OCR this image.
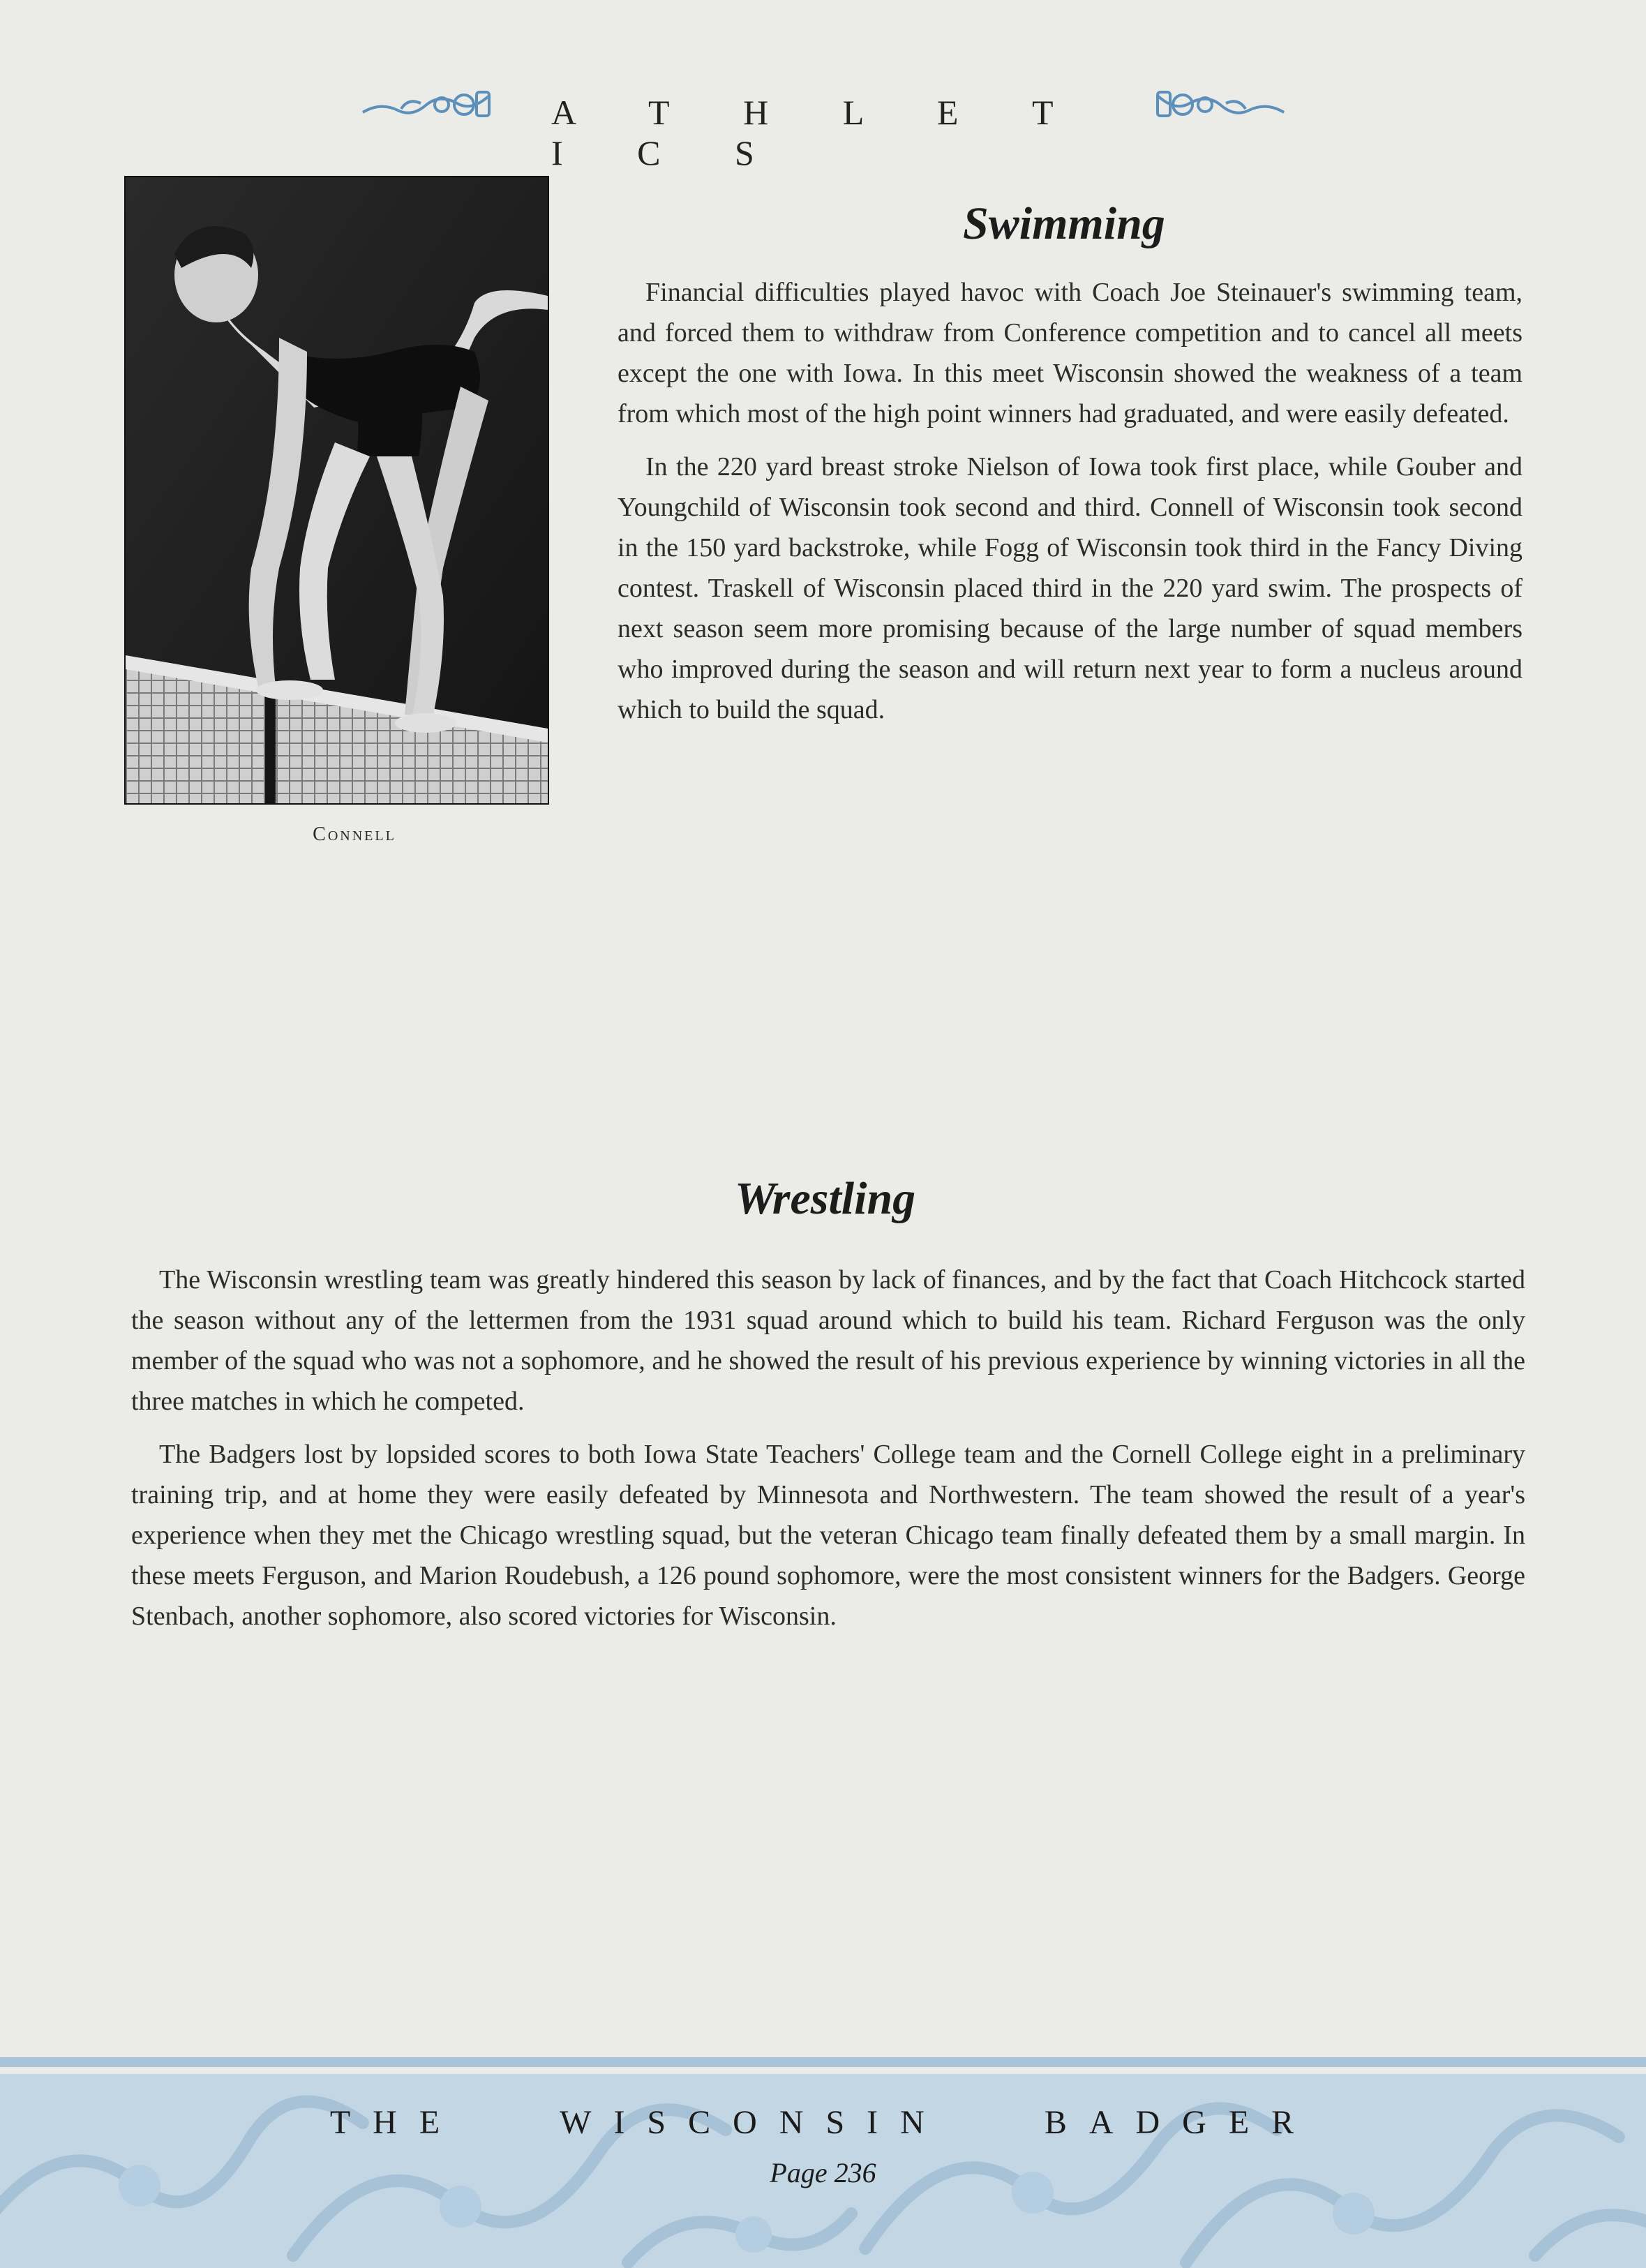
A T H L E T I C S
Connell
Swimming

Financial difficulties played havoc with Coach Joe Steinauer's swimming team, and forced them to withdraw from Conference competition and to cancel all meets except the one with Iowa. In this meet Wisconsin showed the weakness of a team from which most of the high point winners had graduated, and were easily defeated.

In the 220 yard breast stroke Nielson of Iowa took first place, while Gouber and Youngchild of Wisconsin took second and third. Connell of Wisconsin took second in the 150 yard backstroke, while Fogg of Wisconsin took third in the Fancy Diving contest. Traskell of Wisconsin placed third in the 220 yard swim. The prospects of next season seem more promising because of the large number of squad members who improved during the season and will return next year to form a nucleus around which to build the squad.

Wrestling

The Wisconsin wrestling team was greatly hindered this season by lack of finances, and by the fact that Coach Hitchcock started the season without any of the lettermen from the 1931 squad around which to build his team. Richard Ferguson was the only member of the squad who was not a sophomore, and he showed the result of his previous experience by winning victories in all the three matches in which he competed.

The Badgers lost by lopsided scores to both Iowa State Teachers' College team and the Cornell College eight in a preliminary training trip, and at home they were easily defeated by Minnesota and Northwestern. The team showed the result of a year's experience when they met the Chicago wrestling squad, but the veteran Chicago team finally defeated them by a small margin. In these meets Ferguson, and Marion Roudebush, a 126 pound sophomore, were the most consistent winners for the Badgers. George Stenbach, another sophomore, also scored victories for Wisconsin.

THE	WISCONSIN	BADGER
Page 236
